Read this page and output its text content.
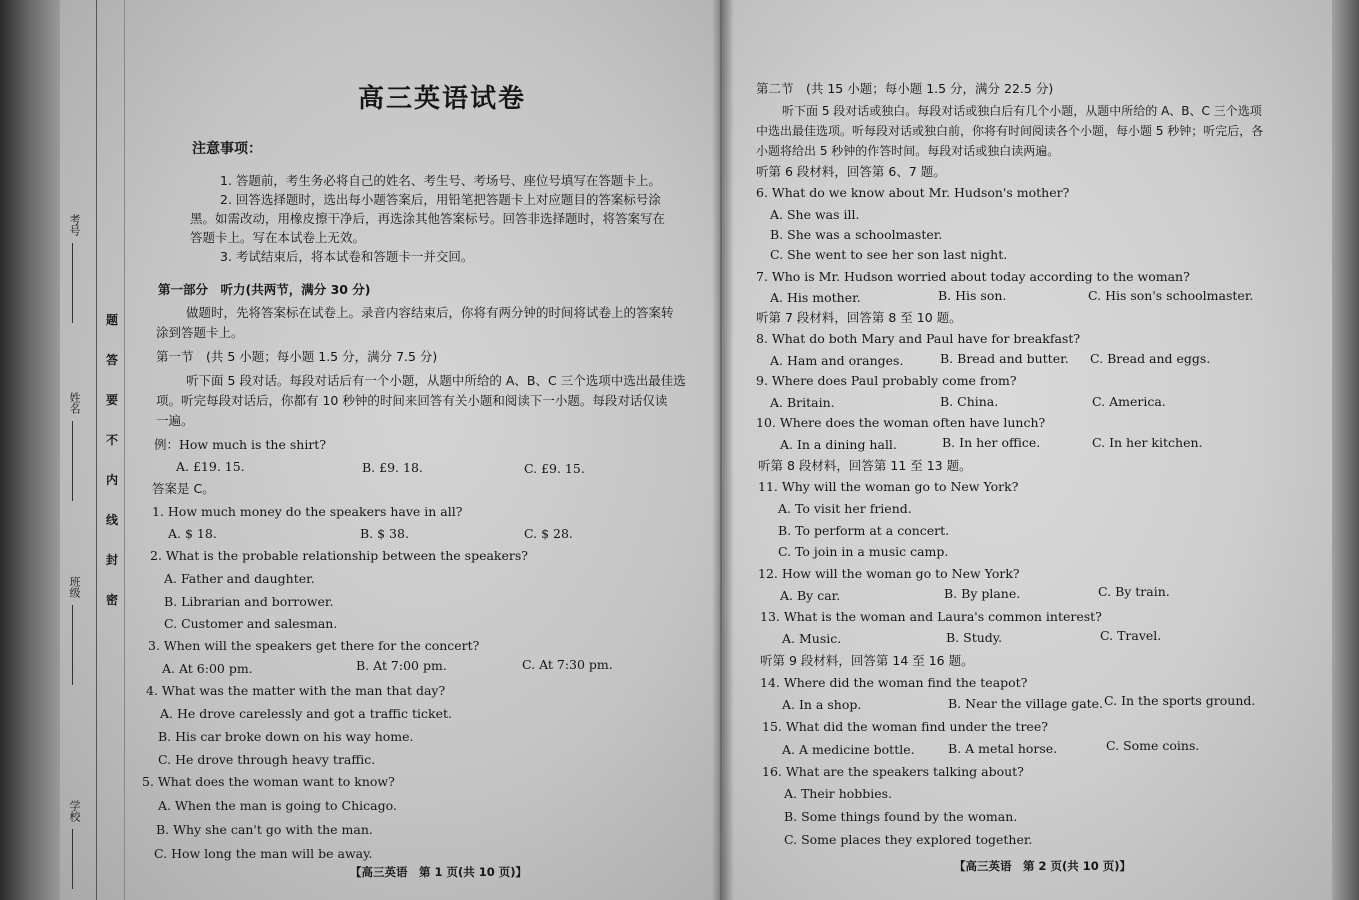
考号
姓名
班级
学校
题
答
要
不
内
线
封
密
高三英语试卷
注意事项：
1. 答题前，考生务必将自己的姓名、考生号、考场号、座位号填写在答题卡上。
2. 回答选择题时，选出每小题答案后，用铅笔把答题卡上对应题目的答案标号涂
黑。如需改动，用橡皮擦干净后，再选涂其他答案标号。回答非选择题时，将答案写在
答题卡上。写在本试卷上无效。
3. 考试结束后，将本试卷和答题卡一并交回。
第一部分　听力(共两节，满分 30 分)
做题时，先将答案标在试卷上。录音内容结束后，你将有两分钟的时间将试卷上的答案转
涂到答题卡上。
第一节　(共 5 小题；每小题 1.5 分，满分 7.5 分)
听下面 5 段对话。每段对话后有一个小题，从题中所给的 A、B、C 三个选项中选出最佳选
项。听完每段对话后，你都有 10 秒钟的时间来回答有关小题和阅读下一小题。每段对话仅读
一遍。
例：How much is the shirt?
A. £19. 15.	B. £9. 18.	C. £9. 15.
答案是 C。
1. How much money do the speakers have in all?
A. $ 18.	B. $ 38.	C. $ 28.
2. What is the probable relationship between the speakers?
A. Father and daughter.
B. Librarian and borrower.
C. Customer and salesman.
3. When will the speakers get there for the concert?
A. At 6:00 pm.	B. At 7:00 pm.	C. At 7:30 pm.
4. What was the matter with the man that day?
A. He drove carelessly and got a traffic ticket.
B. His car broke down on his way home.
C. He drove through heavy traffic.
5. What does the woman want to know?
A. When the man is going to Chicago.
B. Why she can't go with the man.
C. How long the man will be away.
【高三英语　第 1 页(共 10 页)】
第二节　(共 15 小题；每小题 1.5 分，满分 22.5 分)
听下面 5 段对话或独白。每段对话或独白后有几个小题，从题中所给的 A、B、C 三个选项
中选出最佳选项。听每段对话或独白前，你将有时间阅读各个小题，每小题 5 秒钟；听完后，各
小题将给出 5 秒钟的作答时间。每段对话或独白读两遍。
听第 6 段材料，回答第 6、7 题。
6. What do we know about Mr. Hudson's mother?
A. She was ill.
B. She was a schoolmaster.
C. She went to see her son last night.
7. Who is Mr. Hudson worried about today according to the woman?
A. His mother.	B. His son.	C. His son's schoolmaster.
听第 7 段材料，回答第 8 至 10 题。
8. What do both Mary and Paul have for breakfast?
A. Ham and oranges.	B. Bread and butter. C. Bread and eggs.
9. Where does Paul probably come from?
A. Britain.	B. China.	C. America.
10. Where does the woman often have lunch?
A. In a dining hall.	B. In her office.	C. In her kitchen.
听第 8 段材料，回答第 11 至 13 题。
11. Why will the woman go to New York?
A. To visit her friend.
B. To perform at a concert.
C. To join in a music camp.
12. How will the woman go to New York?
A. By car.	B. By plane.	C. By train.
13. What is the woman and Laura's common interest?
A. Music.	B. Study.	C. Travel.
听第 9 段材料，回答第 14 至 16 题。
14. Where did the woman find the teapot?
A. In a shop.	B. Near the village gate. C. In the sports ground.
15. What did the woman find under the tree?
A. A medicine bottle.	B. A metal horse.	C. Some coins.
16. What are the speakers talking about?
A. Their hobbies.
B. Some things found by the woman.
C. Some places they explored together.
【高三英语　第 2 页(共 10 页)】
